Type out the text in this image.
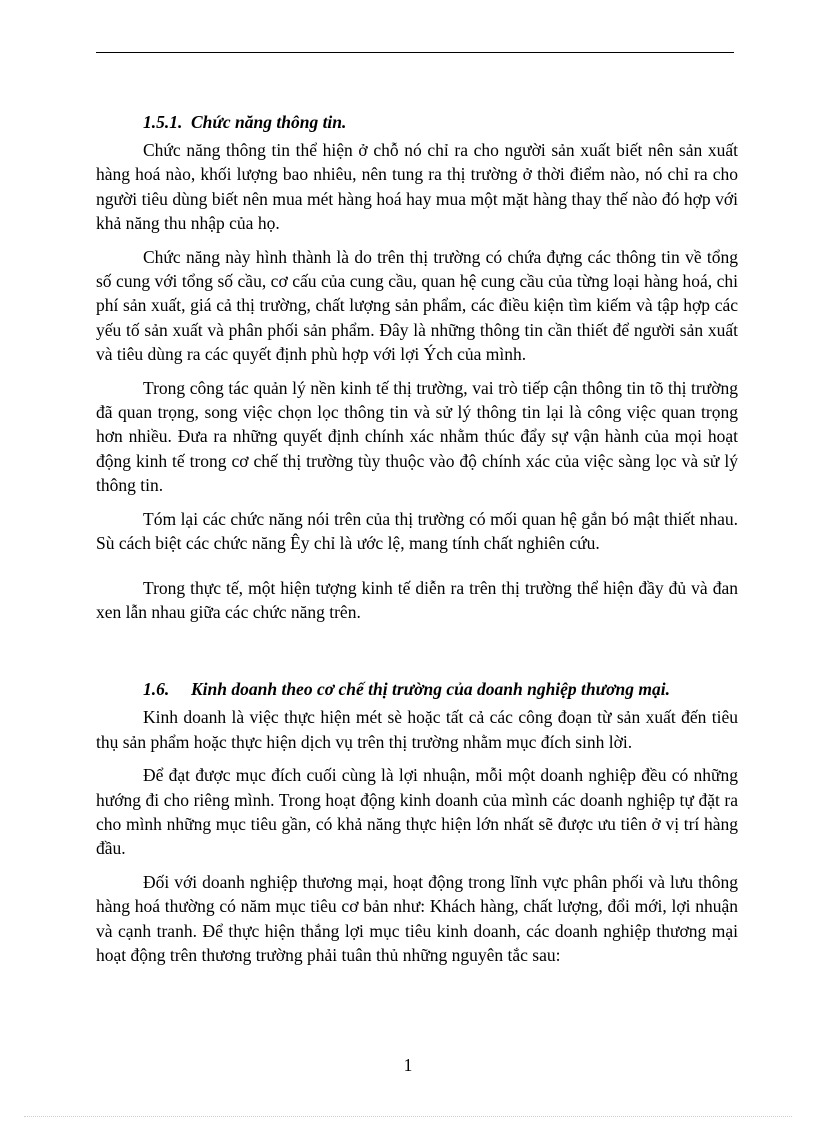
1.5.1. Chức năng thông tin.

Chức năng thông tin thể hiện ở chỗ nó chỉ ra cho người sản xuất biết nên sản xuất hàng hoá nào, khối lượng bao nhiêu, nên tung ra thị trường ở thời điểm nào, nó chỉ ra cho người tiêu dùng biết nên mua mét hàng hoá hay mua một mặt hàng thay thế nào đó hợp với khả năng thu nhập của họ.

Chức năng này hình thành là do trên thị trường có chứa đựng các thông tin về tổng số cung với tổng số cầu, cơ cấu của cung cầu, quan hệ cung cầu của từng loại hàng hoá, chi phí sản xuất, giá cả thị trường, chất lượng sản phẩm, các điều kiện tìm kiếm và tập hợp các yếu tố sản xuất và phân phối sản phẩm. Đây là những thông tin cần thiết để người sản xuất và tiêu dùng ra các quyết định phù hợp với lợi Ých của mình.

Trong công tác quản lý nền kinh tế thị trường, vai trò tiếp cận thông tin tõ thị trường đã quan trọng, song việc chọn lọc thông tin và sử lý thông tin lại là công việc quan trọng hơn nhiều. Đưa ra những quyết định chính xác nhằm thúc đẩy sự vận hành của mọi hoạt động kinh tế trong cơ chế thị trường tùy thuộc vào độ chính xác của việc sàng lọc và sử lý thông tin.

Tóm lại các chức năng nói trên của thị trường có mối quan hệ gắn bó mật thiết nhau. Sù cách biệt các chức năng Êy chỉ là ước lệ, mang tính chất nghiên cứu.

Trong thực tế, một hiện tượng kinh tế diễn ra trên thị trường thể hiện đầy đủ và đan xen lẫn nhau giữa các chức năng trên.

1.6. Kinh doanh theo cơ chế thị trường của doanh nghiệp thương mại.

Kinh doanh là việc thực hiện mét sè hoặc tất cả các công đoạn từ sản xuất đến tiêu thụ sản phẩm hoặc thực hiện dịch vụ trên thị trường nhằm mục đích sinh lời.

Để đạt được mục đích cuối cùng là lợi nhuận, mỗi một doanh nghiệp đều có những hướng đi cho riêng mình. Trong hoạt động kinh doanh của mình các doanh nghiệp tự đặt ra cho mình những mục tiêu gần, có khả năng thực hiện lớn nhất sẽ được ưu tiên ở vị trí hàng đầu.

Đối với doanh nghiệp thương mại, hoạt động trong lĩnh vực phân phối và lưu thông hàng hoá thường có năm mục tiêu cơ bản như: Khách hàng, chất lượng, đổi mới, lợi nhuận và cạnh tranh. Để thực hiện thắng lợi mục tiêu kinh doanh, các doanh nghiệp thương mại hoạt động trên thương trường phải tuân thủ những nguyên tắc sau:

1
